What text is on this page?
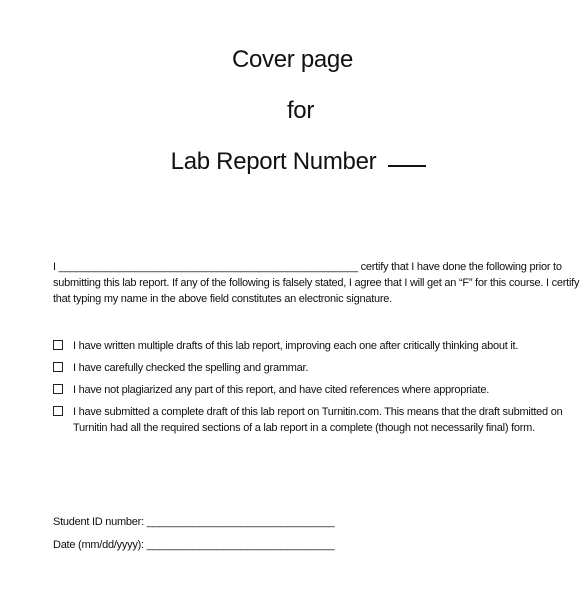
Cover page
for
Lab Report Number
I ___________________________________________________ certify that I have done the following prior to
submitting this lab report. If any of the following is falsely stated, I agree that I will get an “F” for this course. I certify
that typing my name in the above field constitutes an electronic signature.
I have written multiple drafts of this lab report, improving each one after critically thinking about it.
I have carefully checked the spelling and grammar.
I have not plagiarized any part of this report, and have cited references where appropriate.
I have submitted a complete draft of this lab report on Turnitin.com. This means that the draft submitted on
Turnitin had all the required sections of a lab report in a complete (though not necessarily final) form.
Student ID number: ________________________________
Date (mm/dd/yyyy): ________________________________
